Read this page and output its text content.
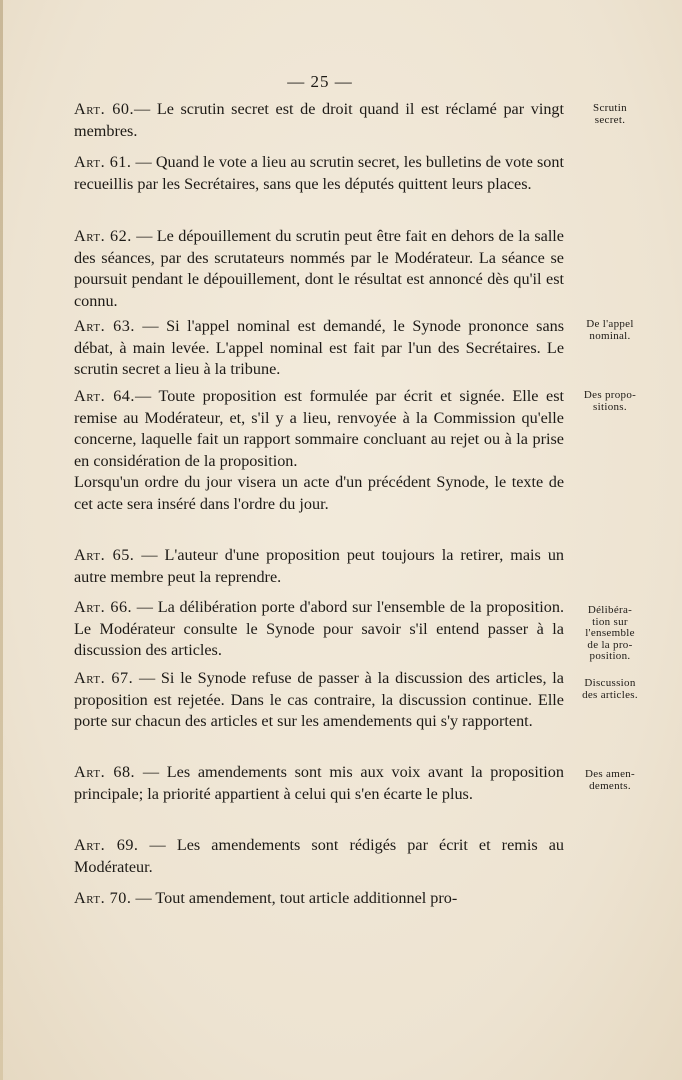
— 25 —

Art. 60.— Le scrutin secret est de droit quand il est réclamé par vingt membres.

Art. 61. — Quand le vote a lieu au scrutin secret, les bulletins de vote sont recueillis par les Secrétaires, sans que les députés quittent leurs places.

Art. 62. — Le dépouillement du scrutin peut être fait en dehors de la salle des séances, par des scrutateurs nommés par le Modérateur. La séance se poursuit pendant le dépouillement, dont le résultat est annoncé dès qu'il est connu.

Art. 63. — Si l'appel nominal est demandé, le Synode prononce sans débat, à main levée. L'appel nominal est fait par l'un des Secrétaires. Le scrutin secret a lieu à la tribune.

Art. 64.— Toute proposition est formulée par écrit et signée. Elle est remise au Modérateur, et, s'il y a lieu, renvoyée à la Commission qu'elle concerne, laquelle fait un rapport sommaire concluant au rejet ou à la prise en considération de la proposition.

Lorsqu'un ordre du jour visera un acte d'un précédent Synode, le texte de cet acte sera inséré dans l'ordre du jour.

Art. 65. — L'auteur d'une proposition peut toujours la retirer, mais un autre membre peut la reprendre.

Art. 66. — La délibération porte d'abord sur l'ensemble de la proposition. Le Modérateur consulte le Synode pour savoir s'il entend passer à la discussion des articles.

Art. 67. — Si le Synode refuse de passer à la discussion des articles, la proposition est rejetée. Dans le cas contraire, la discussion continue. Elle porte sur chacun des articles et sur les amendements qui s'y rapportent.

Art. 68. — Les amendements sont mis aux voix avant la proposition principale; la priorité appartient à celui qui s'en écarte le plus.

Art. 69. — Les amendements sont rédigés par écrit et remis au Modérateur.

Art. 70. — Tout amendement, tout article additionnel pro-

Scrutin
secret.
De l'appel
nominal.
Des propo-
sitions.
Délibéra-
tion sur
l'ensemble
de la pro-
position.
Discussion
des articles.
Des amen-
dements.
